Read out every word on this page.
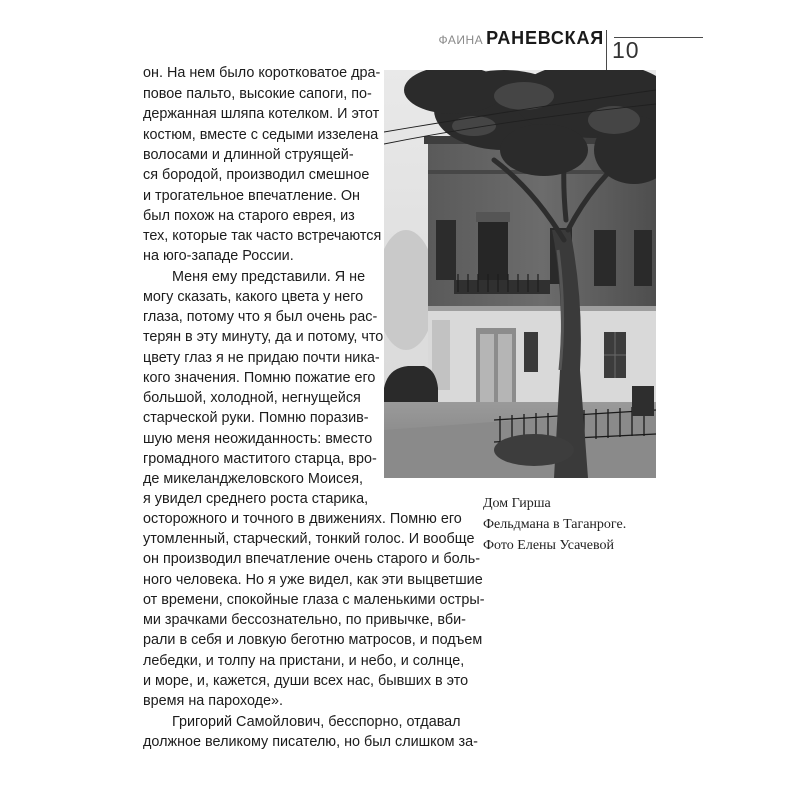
ФАИНА РАНЕВСКАЯ 10
он. На нем было коротковатое дра-
повое пальто, высокие сапоги, по-
держанная шляпа котелком. И этот
костюм, вместе с седыми иззелена
волосами и длинной струящей-
ся бородой, производил смешное
и трогательное впечатление. Он
был похож на старого еврея, из
тех, которые так часто встречаются
на юго-западе России.
Меня ему представили. Я не
могу сказать, какого цвета у него
глаза, потому что я был очень рас-
терян в эту минуту, да и потому, что
цвету глаз я не придаю почти ника-
кого значения. Помню пожатие его
большой, холодной, негнущейся
старческой руки. Помню поразив-
шую меня неожиданность: вместо
громадного маститого старца, вро-
де микеланджеловского Моисея,
я увидел среднего роста старика,
осторожного и точного в движениях. Помню его
утомленный, старческий, тонкий голос. И вообще
он производил впечатление очень старого и боль-
ного человека. Но я уже видел, как эти выцветшие
от времени, спокойные глаза с маленькими остры-
ми зрачками бессознательно, по привычке, вби-
рали в себя и ловкую беготню матросов, и подъем
лебедки, и толпу на пристани, и небо, и солнце,
и море, и, кажется, души всех нас, бывших в это
время на пароходе».
Григорий Самойлович, бесспорно, отдавал
должное великому писателю, но был слишком за-
Дом Гирша
Фельдмана в Таганроге.
Фото Елены Усачевой
